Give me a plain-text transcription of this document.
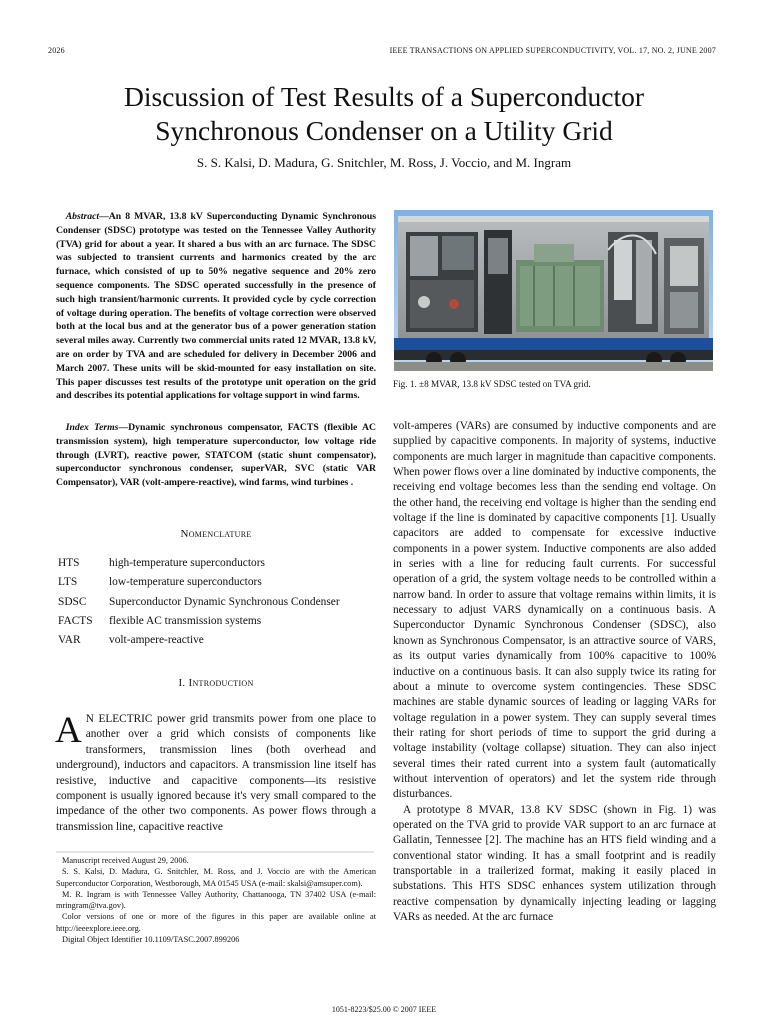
2026	IEEE TRANSACTIONS ON APPLIED SUPERCONDUCTIVITY, VOL. 17, NO. 2, JUNE 2007
Discussion of Test Results of a Superconductor
Synchronous Condenser on a Utility Grid
S. S. Kalsi, D. Madura, G. Snitchler, M. Ross, J. Voccio, and M. Ingram
 Abstract—An 8 MVAR, 13.8 kV Superconducting Dynamic Synchronous Condenser (SDSC) prototype was tested on the Tennessee Valley Authority (TVA) grid for about a year. It shared a bus with an arc furnace. The SDSC was subjected to transient currents and harmonics created by the arc furnace, which consisted of up to 50% negative sequence and 20% zero sequence components. The SDSC operated successfully in the presence of such high transient/harmonic currents. It provided cycle by cycle correction of voltage during operation. The benefits of voltage correction were observed both at the local bus and at the generator bus of a power generation station several miles away. Currently two commercial units rated 12 MVAR, 13.8 kV, are on order by TVA and are scheduled for delivery in December 2006 and March 2007. These units will be skid-mounted for easy installation on site. This paper discusses test results of the prototype unit operation on the grid and describes its potential applications for voltage support in wind farms.
 Index Terms—Dynamic synchronous compensator, FACTS (flexible AC transmission system), high temperature superconductor, low voltage ride through (LVRT), reactive power, STATCOM (static shunt compensator), superconductor synchronous condenser, superVAR, SVC (static VAR Compensator), VAR (volt-ampere-reactive), wind farms, wind turbines .
Nomenclature
HTS	high-temperature superconductors
LTS	low-temperature superconductors
SDSC	Superconductor Dynamic Synchronous Condenser
FACTS	flexible AC transmission systems
VAR	volt-ampere-reactive
I. Introduction
A N ELECTRIC power grid transmits power from one place to another over a grid which consists of components like transformers, transmission lines (both overhead and underground), inductors and capacitors. A transmission line itself has resistive, inductive and capacitive components—its resistive component is usually ignored because it's very small compared to the impedance of the other two components. As power flows through a transmission line, capacitive reactive

Manuscript received August 29, 2006.

S. S. Kalsi, D. Madura, G. Snitchler, M. Ross, and J. Voccio are with the American Superconductor Corporation, Westborough, MA 01545 USA (e-mail: skalsi@amsuper.com).

M. R. Ingram is with Tennessee Valley Authority, Chattanooga, TN 37402 USA (e-mail: mringram@tva.gov).

Color versions of one or more of the figures in this paper are available online at http://ieeexplore.ieee.org.

Digital Object Identifier 10.1109/TASC.2007.899206

Fig. 1. ±8 MVAR, 13.8 kV SDSC tested on TVA grid.

volt-amperes (VARs) are consumed by inductive components and are supplied by capacitive components. In majority of systems, inductive components are much larger in magnitude than capacitive components. When power flows over a line dominated by inductive components, the receiving end voltage becomes less than the sending end voltage. On the other hand, the receiving end voltage is higher than the sending end voltage if the line is dominated by capacitive components [1]. Usually capacitors are added to compensate for excessive inductive components in a power system. Inductive components are also added in series with a line for reducing fault currents. For successful operation of a grid, the system voltage needs to be controlled within a narrow band. In order to assure that voltage remains within limits, it is necessary to adjust VARS dynamically on a continuous basis. A Superconductor Dynamic Synchronous Condenser (SDSC), also known as Synchronous Compensator, is an attractive source of VARS, as its output varies dynamically from 100% capacitive to 100% inductive on a continuous basis. It can also supply twice its rating for about a minute to overcome system contingencies. These SDSC machines are stable dynamic sources of leading or lagging VARs for voltage regulation in a power system. They can supply several times their rating for short periods of time to support the grid during a voltage instability (voltage collapse) situation. They can also inject several times their rated current into a system fault (automatically without intervention of operators) and let the system ride through disturbances.

A prototype 8 MVAR, 13.8 KV SDSC (shown in Fig. 1) was operated on the TVA grid to provide VAR support to an arc furnace at Gallatin, Tennessee [2]. The machine has an HTS field winding and a conventional stator winding. It has a small footprint and is readily transportable in a trailerized format, making it easily placed in substations. This HTS SDSC enhances system utilization through reactive compensation by dynamically injecting leading or lagging VARs as needed. At the arc furnace

1051-8223/$25.00 © 2007 IEEE
